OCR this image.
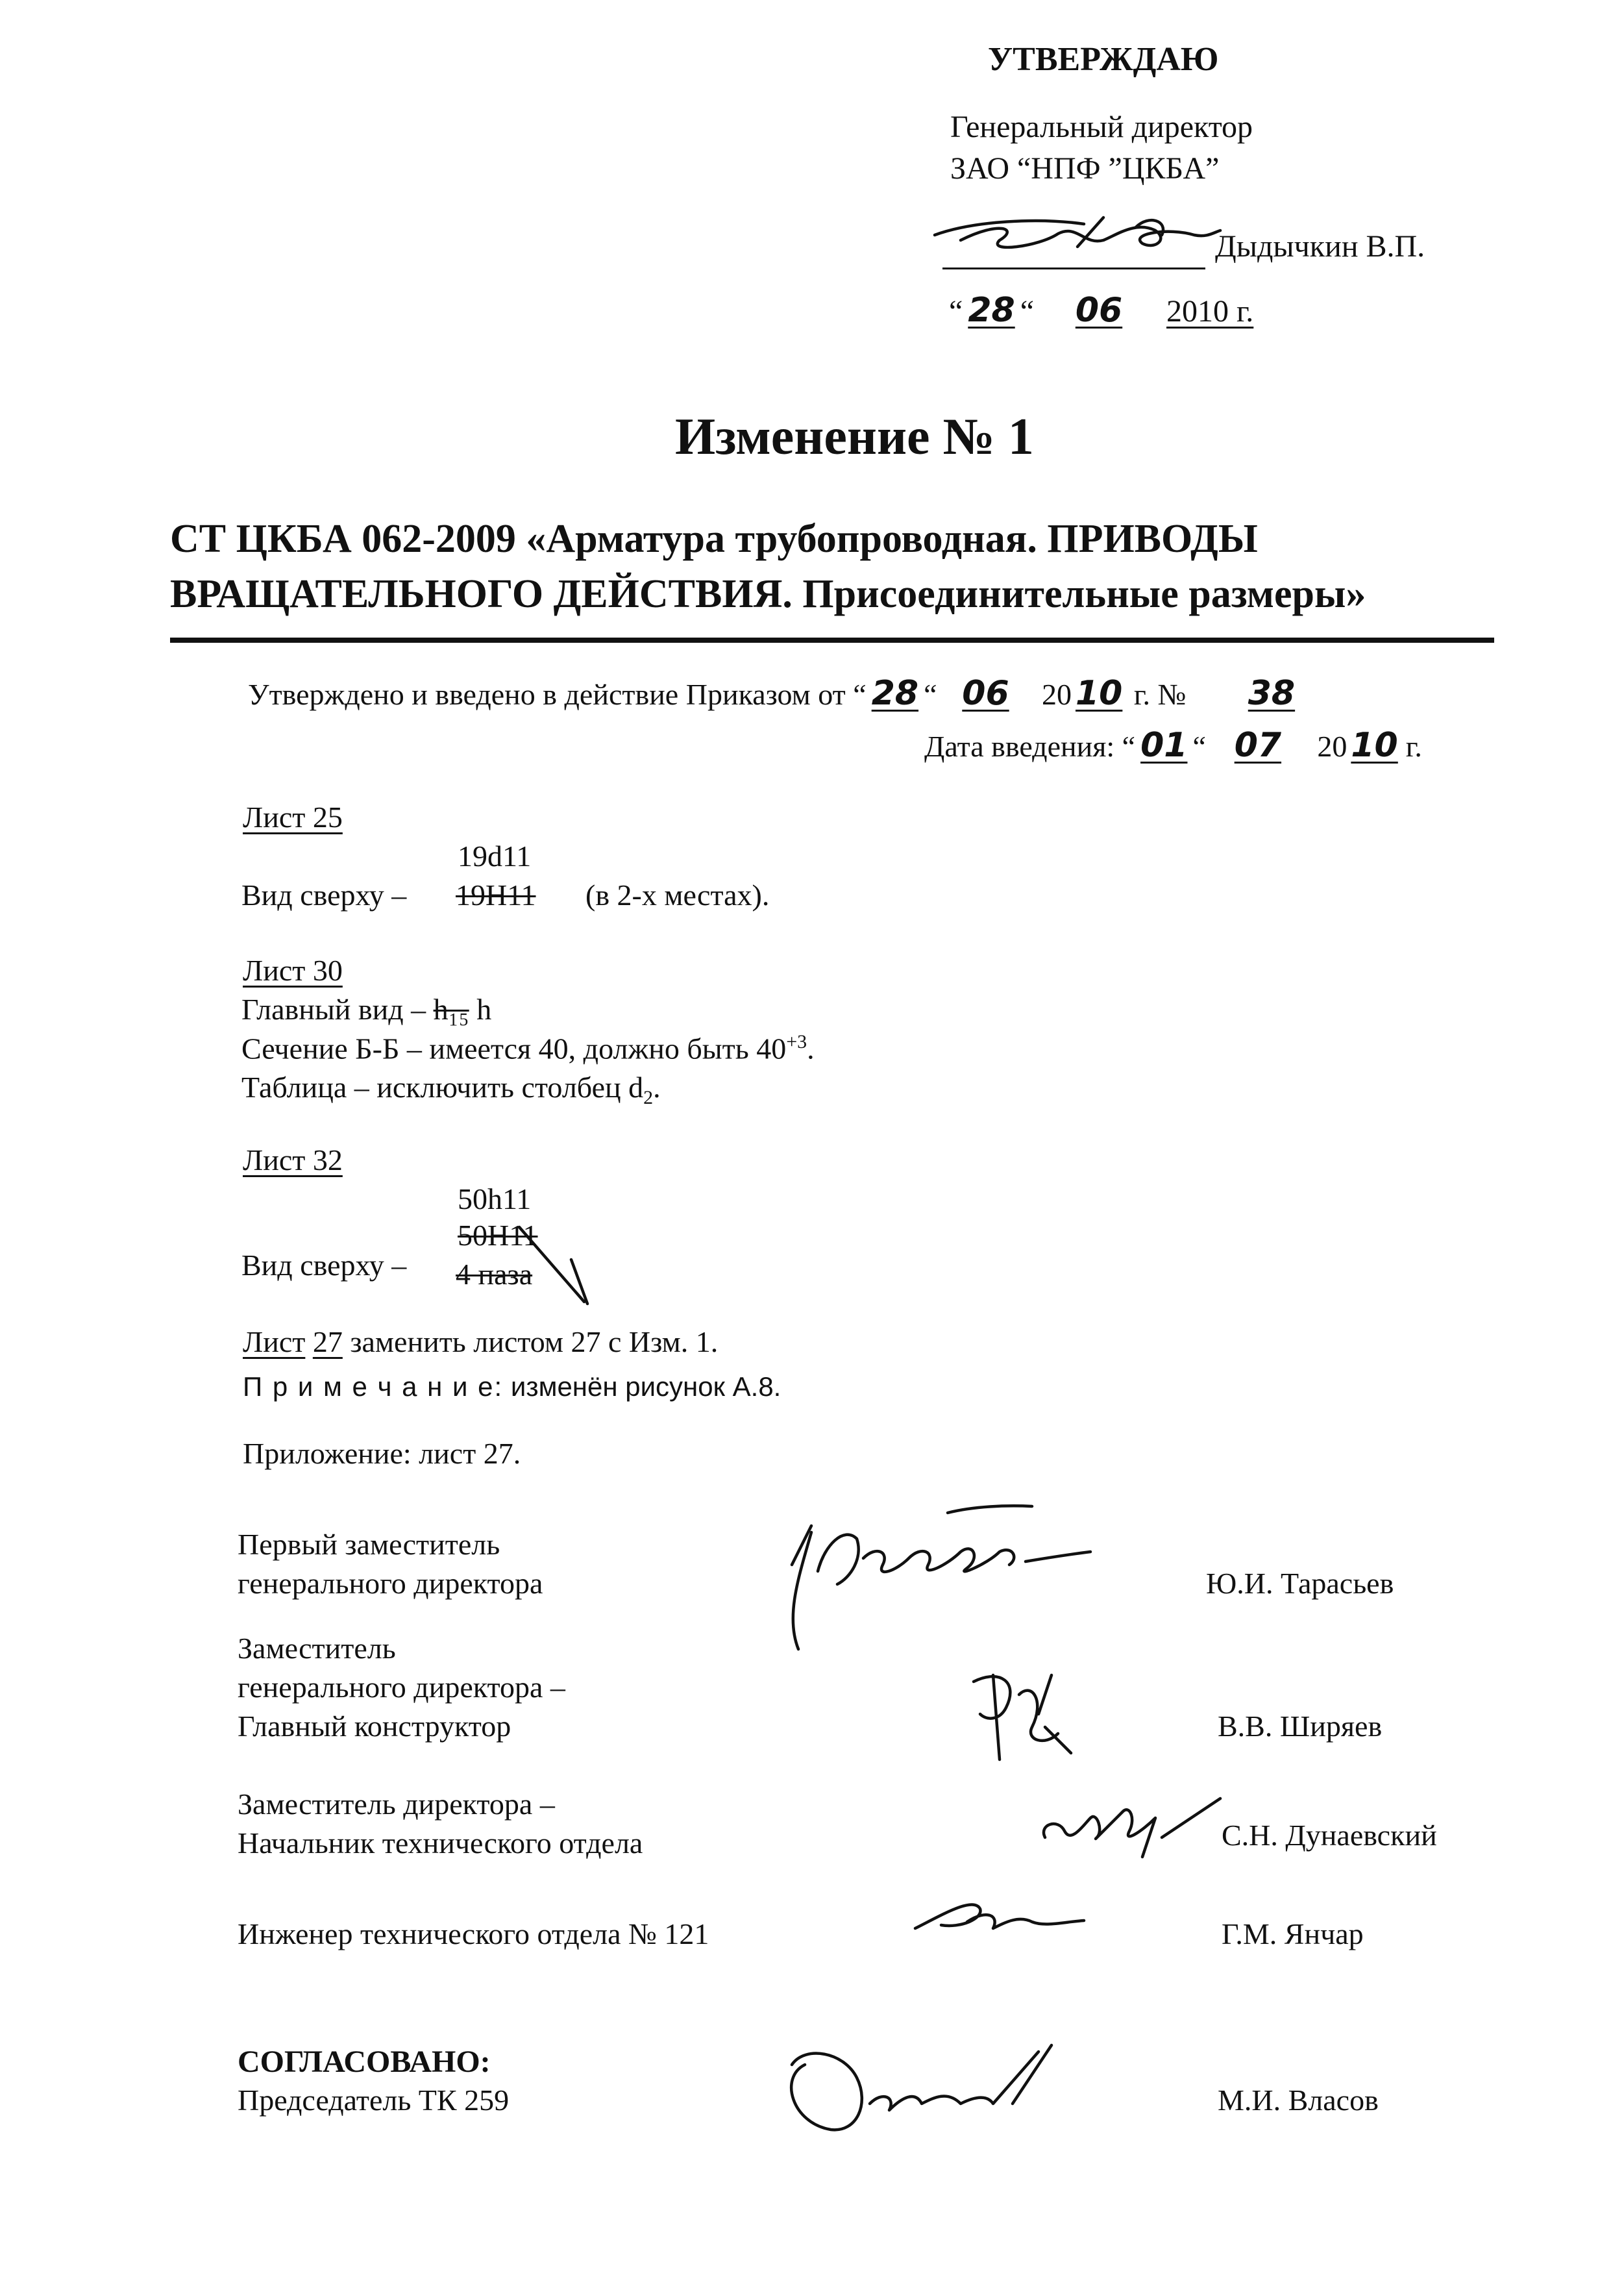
УТВЕРЖДАЮ
Генеральный директор
ЗАО “НПФ ”ЦКБА”
Дыдычкин В.П.
“ 28 “ 06 2010 г.
Изменение № 1
СТ ЦКБА 062-2009 «Арматура трубопроводная. ПРИВОДЫ
ВРАЩАТЕЛЬНОГО ДЕЙСТВИЯ. Присоединительные размеры»
Утверждено и введено в действие Приказом от “ 28 “ 06 20 10 г. № 38
Дата введения: “ 01 “ 07 20 10 г.
Лист 25
19d11
Вид сверху – 19H11 (в 2-х местах).
Лист 30
Главный вид – h₁₅ h
Сечение Б-Б – имеется 40, должно быть $40^{+3}$.
Таблица – исключить столбец $d_2$.
Лист 32
50h11
50H11
Вид сверху – 4 паза
Лист 27 заменить листом 27 с Изм. 1.
П р и м е ч а н и е: изменён рисунок А.8.
Приложение: лист 27.
Первый заместитель
генерального директора	Ю.И. Тарасьев
Заместитель
генерального директора –
Главный конструктор	В.В. Ширяев
Заместитель директора –
Начальник технического отдела	С.Н. Дунаевский
Инженер технического отдела № 121	Г.М. Янчар
СОГЛАСОВАНО:
Председатель ТК 259	М.И. Власов
